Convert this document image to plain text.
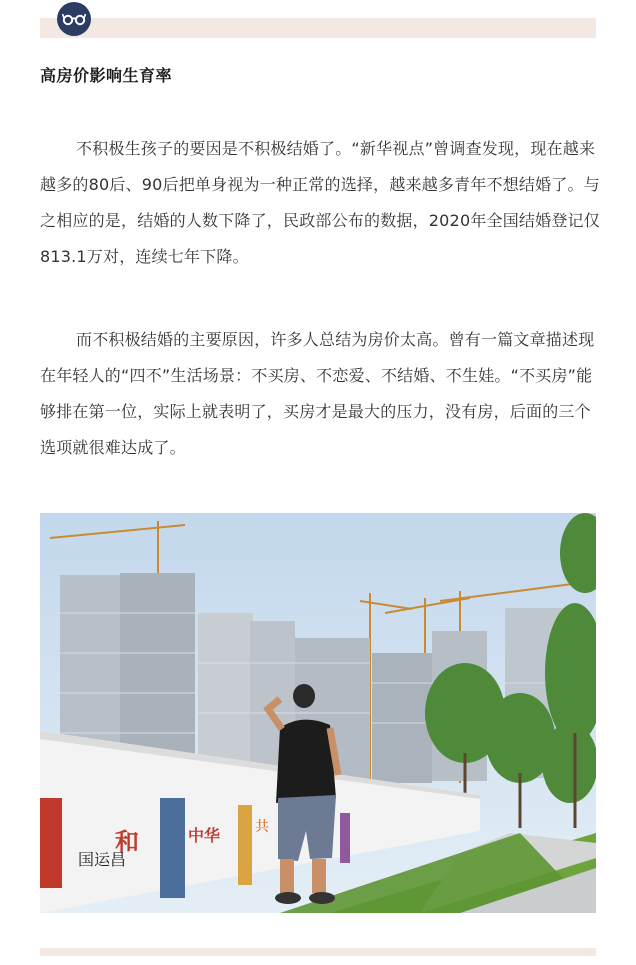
高房价影响生育率

不积极生孩子的要因是不积极结婚了。“新华视点”曾调查发现，现在越来越多的80后、90后把单身视为一种正常的选择，越来越多青年不想结婚了。与之相应的是，结婚的人数下降了，民政部公布的数据，2020年全国结婚登记仅813.1万对，连续七年下降。

而不积极结婚的主要原因，许多人总结为房价太高。曾有一篇文章描述现在年轻人的“四不”生活场景：不买房、不恋爱、不结婚、不生娃。“不买房”能够排在第一位，实际上就表明了，买房才是最大的压力，没有房，后面的三个选项就很难达成了。

国运昌
和	中华 共
